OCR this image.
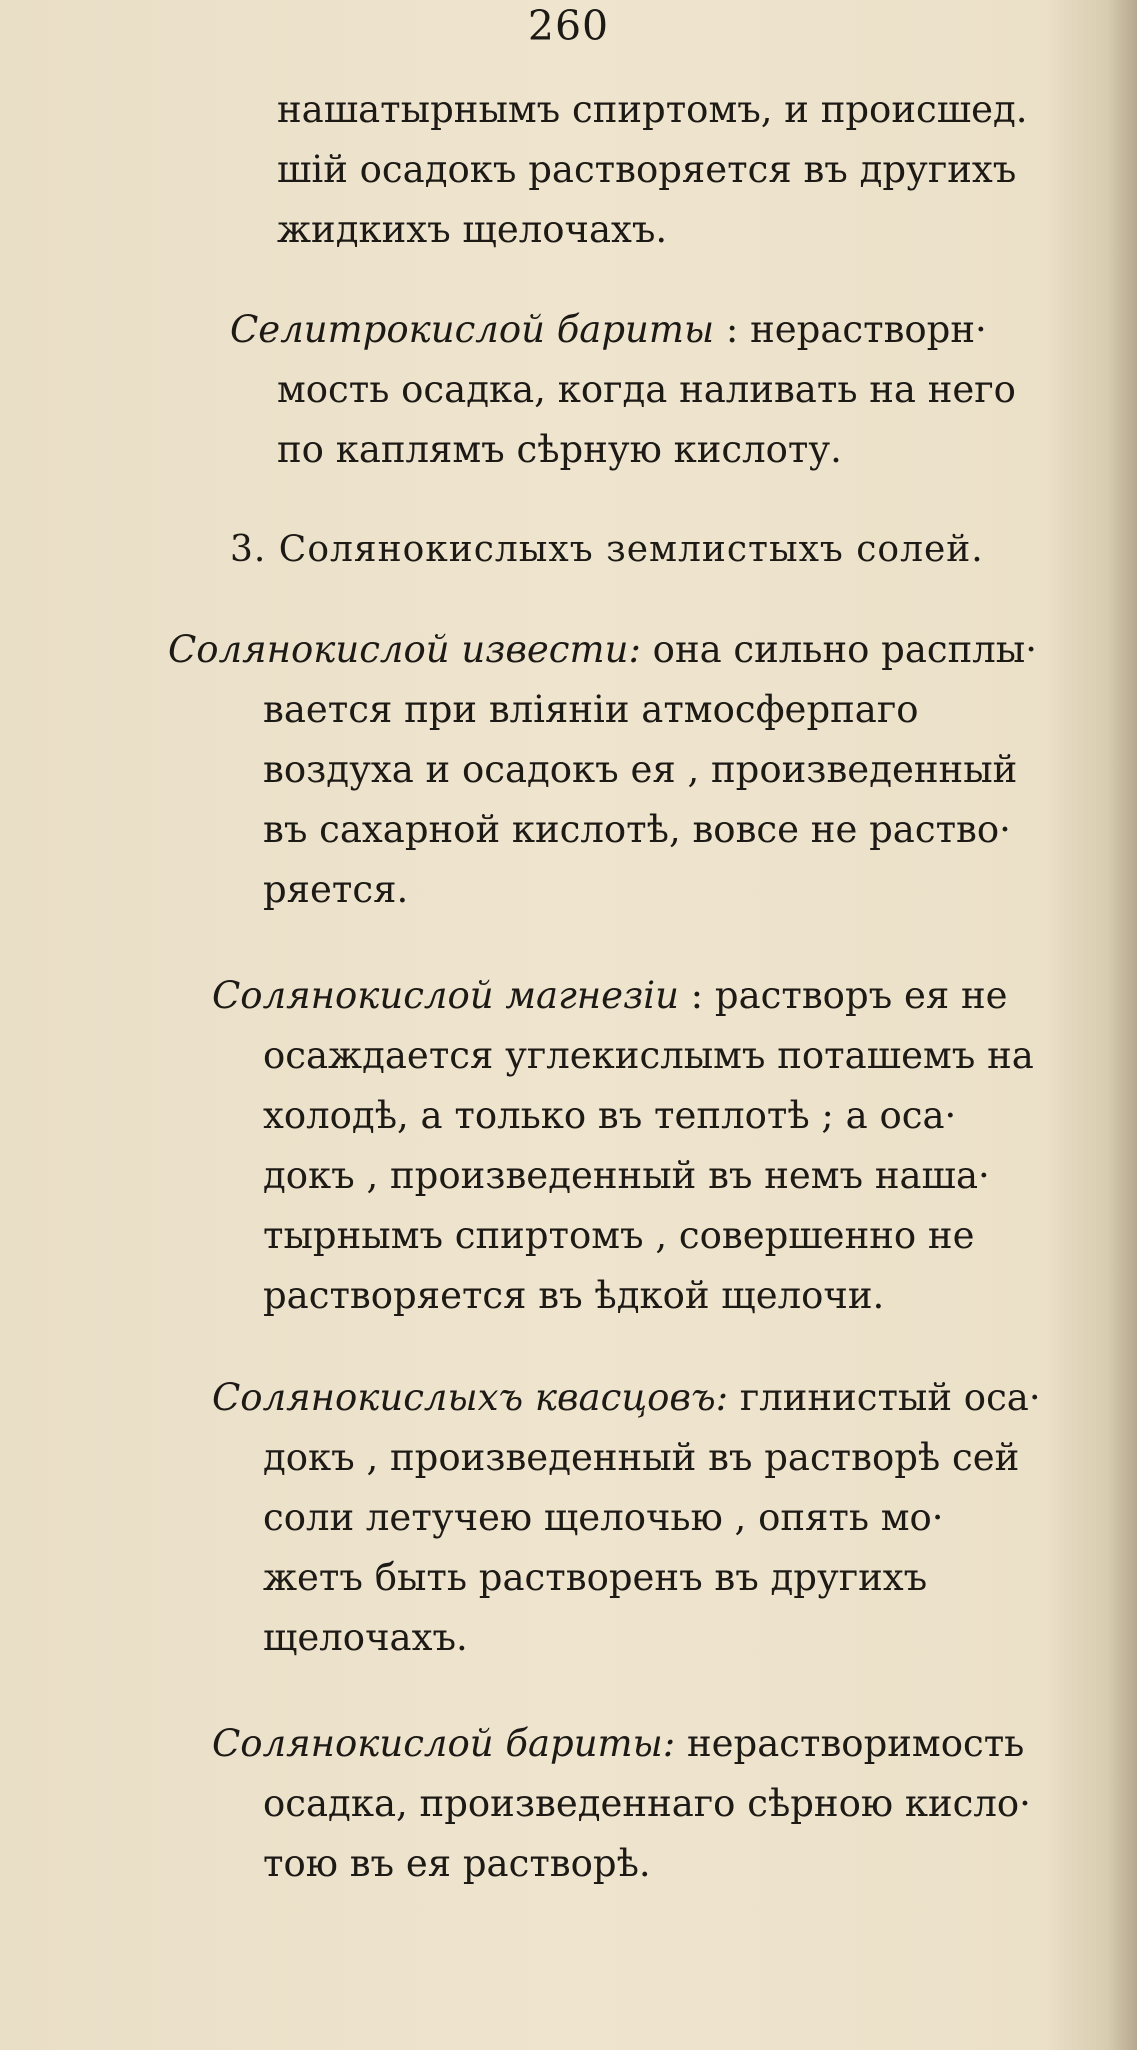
260
нашатырнымъ спиртомъ, и происшед.
шій осадокъ растворяется въ другихъ
жидкихъ щелочахъ.
Селитрокислой бариты : нерастворн·
мость осадка, когда наливать на него
по каплямъ сѣрную кислоту.
3. Солянокислыхъ землистыхъ солей.
Солянокислой извести: она сильно расплы·
вается при вліяніи атмосферпаго
воздуха и осадокъ ея , произведенный
въ сахарной кислотѣ, вовсе не раство·
ряется.
Солянокислой магнезіи : растворъ ея не
осаждается углекислымъ поташемъ на
холодѣ, а только въ теплотѣ ; а оса·
докъ , произведенный въ немъ наша·
тырнымъ спиртомъ , совершенно не
растворяется въ ѣдкой щелочи.
Солянокислыхъ квасцовъ: глинистый оса·
докъ , произведенный въ растворѣ сей
соли летучею щелочью , опять мо·
жетъ быть растворенъ въ другихъ
щелочахъ.
Солянокислой бариты: нерастворимость
осадка, произведеннаго сѣрною кисло·
тою въ ея растворѣ.
